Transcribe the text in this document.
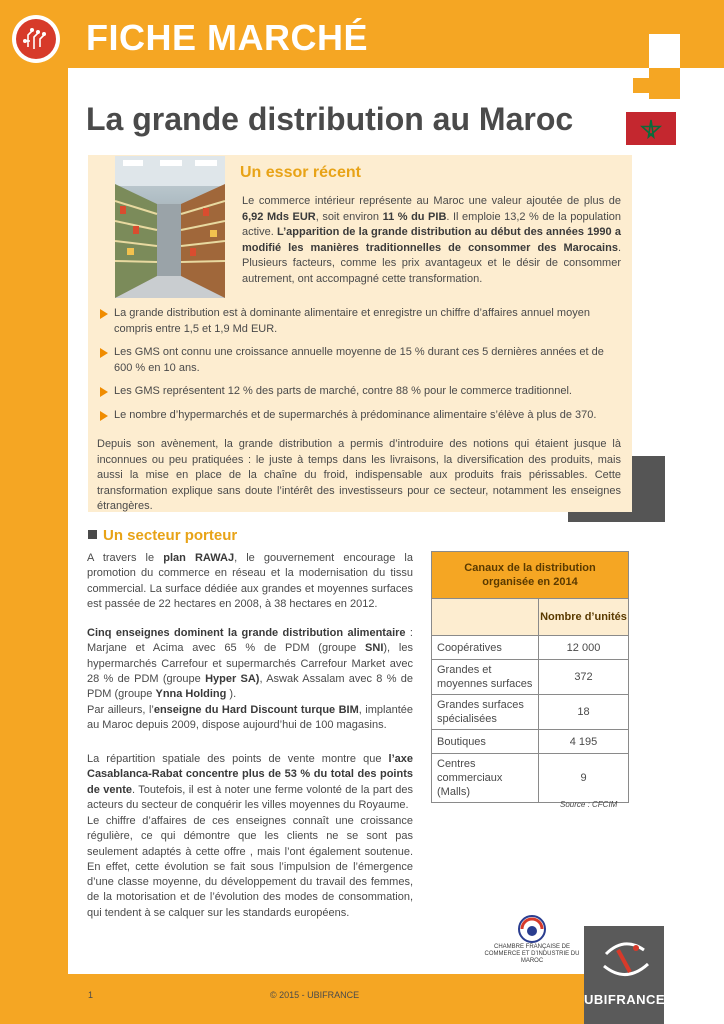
FICHE MARCHÉ
La grande distribution au Maroc
Un essor récent
Le commerce intérieur représente au Maroc une valeur ajoutée de plus de 6,92 Mds EUR, soit environ 11 % du PIB. Il emploie 13,2 % de la population active. L’apparition de la grande distribution au début des années 1990 a modifié les manières traditionnelles de consommer des Marocains. Plusieurs facteurs, comme les prix avantageux et le désir de consommer autrement, ont accompagné cette transformation.
La grande distribution est à dominante alimentaire et enregistre un chiffre d’affaires annuel moyen compris entre 1,5 et 1,9 Md EUR.
Les GMS ont connu une croissance annuelle moyenne de 15 % durant ces 5 dernières années et de 600 % en 10 ans.
Les GMS représentent 12 % des parts de marché, contre 88 % pour le commerce traditionnel.
Le nombre d’hypermarchés et de supermarchés à prédominance alimentaire s’élève à plus de 370.
Depuis son avènement, la grande distribution a permis d’introduire des notions qui étaient jusque là inconnues ou peu pratiquées : le juste à temps dans les livraisons, la diversification des produits, mais aussi la mise en place de la chaîne du froid, indispensable aux produits frais périssables. Cette transformation explique sans doute l’intérêt des investisseurs pour ce secteur, notamment les enseignes étrangères.
Un secteur porteur

A travers le plan RAWAJ, le gouvernement encourage la promotion du commerce en réseau et la modernisation du tissu commercial. La surface dédiée aux grandes et moyennes surfaces est passée de 22 hectares en 2008, à 38 hectares en 2012.

Cinq enseignes dominent la grande distribution alimentaire : Marjane et Acima avec 65 % de PDM (groupe SNI), les hypermarchés Carrefour et supermarchés Carrefour Market avec 28 % de PDM (groupe Hyper SA), Aswak Assalam avec 8 % de PDM (groupe Ynna Holding ).

Par ailleurs, l’enseigne du Hard Discount turque BIM, implantée au Maroc depuis 2009, dispose aujourd’hui de 100 magasins.

La répartition spatiale des points de vente montre que l’axe Casablanca-Rabat concentre plus de 53 % du total des points de vente. Toutefois, il est à noter une ferme volonté de la part des acteurs du secteur de conquérir les villes moyennes du Royaume.

Le chiffre d’affaires de ces enseignes connaît une croissance régulière, ce qui démontre que les clients ne se sont pas seulement adaptés à cette offre , mais l’ont également soutenue. En effet, cette évolution se fait sous l’impulsion de l’émergence d’une classe moyenne, du développement du travail des femmes, de la motorisation et de l’évolution des modes de consommation, qui tendent à se calquer sur les standards européens.

Canaux de la distribution organisée en 2014	
	Nombre d’unités
Coopératives	12 000
Grandes et moyennes surfaces	372
Grandes surfaces spécialisées	18
Boutiques	4 195
Centres commerciaux (Malls)	9
Source : CFCIM
CHAMBRE FRANÇAISE DE COMMERCE ET D’INDUSTRIE DU MAROC
1	© 2015 - UBIFRANCE	UBIFRANCE
